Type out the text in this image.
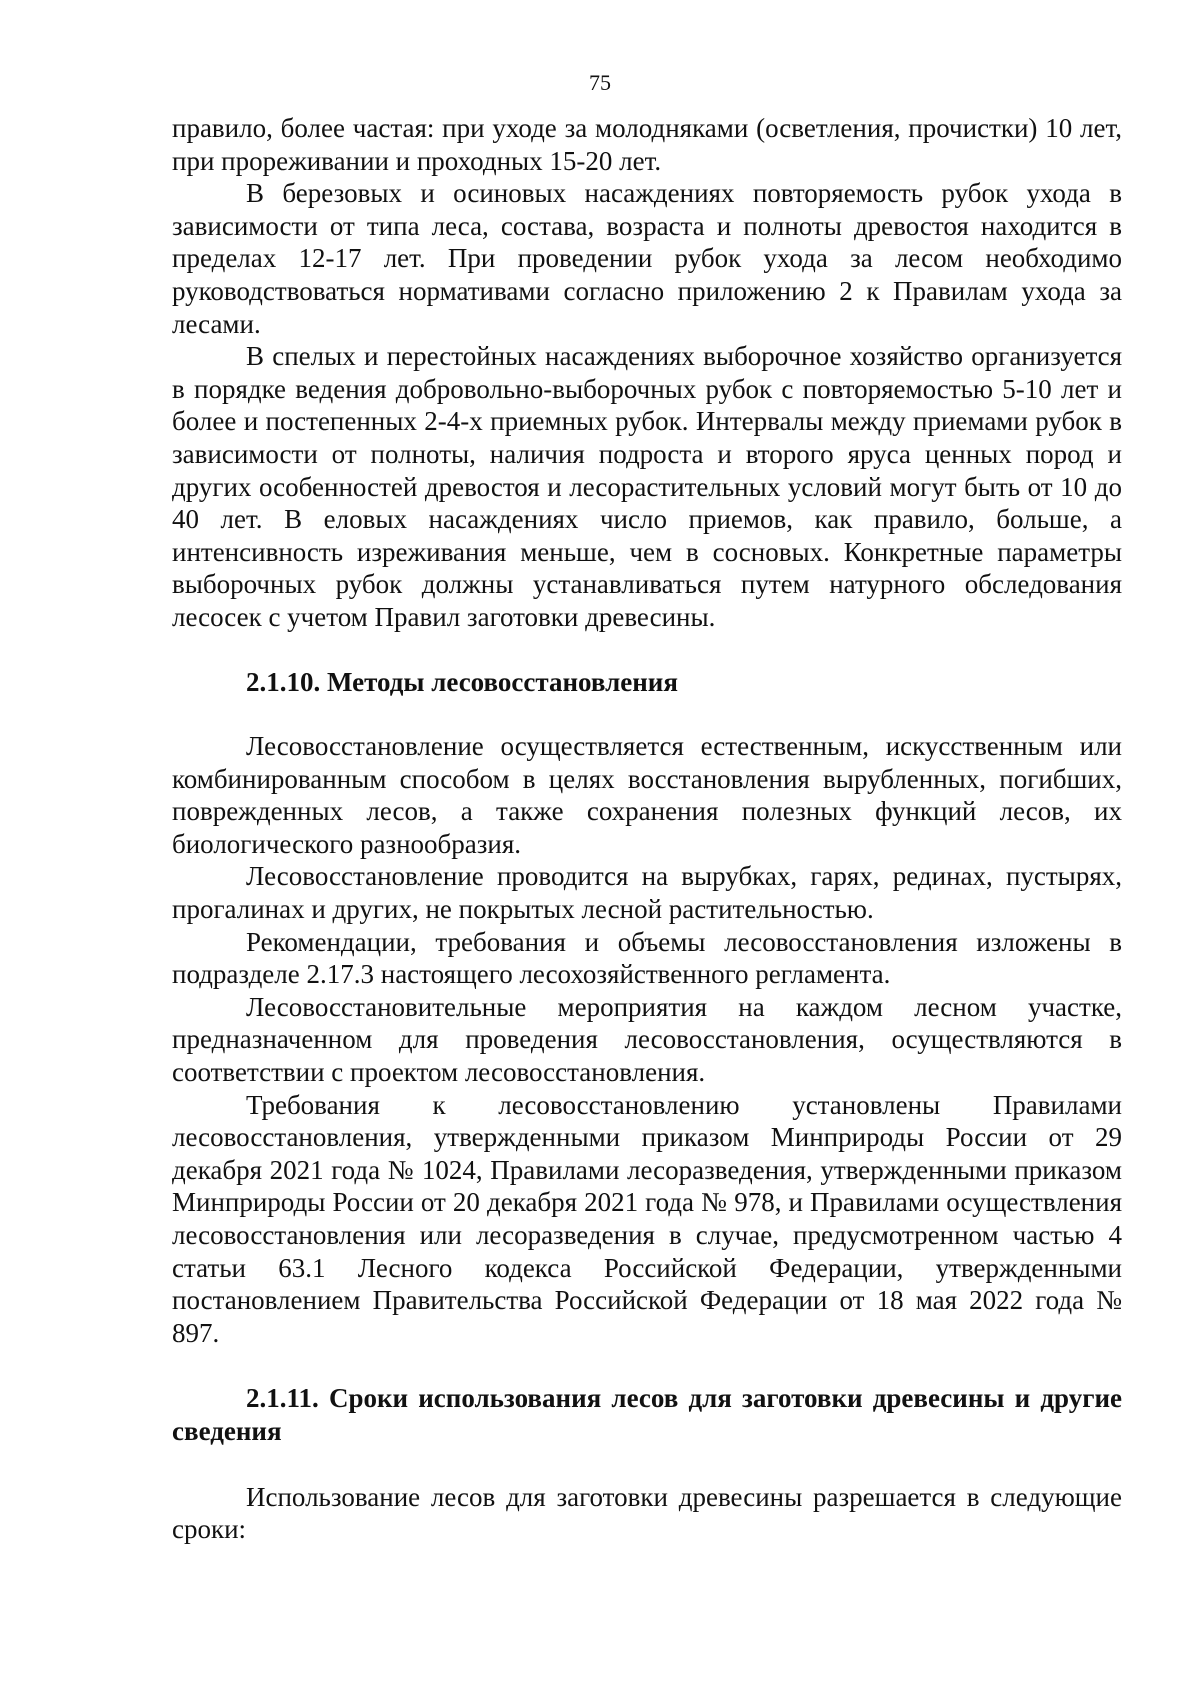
75

правило, более частая: при уходе за молодняками (осветления, прочистки) 10 лет, при прореживании и проходных 15-20 лет.

В березовых и осиновых насаждениях повторяемость рубок ухода в зависимости от типа леса, состава, возраста и полноты древостоя находится в пределах 12-17 лет. При проведении рубок ухода за лесом необходимо руководствоваться нормативами согласно приложению 2 к Правилам ухода за лесами.

В спелых и перестойных насаждениях выборочное хозяйство организуется в порядке ведения добровольно-выборочных рубок с повторяемостью 5-10 лет и более и постепенных 2-4-х приемных рубок. Интервалы между приемами рубок в зависимости от полноты, наличия подроста и второго яруса ценных пород и других особенностей древостоя и лесорастительных условий могут быть от 10 до 40 лет. В еловых насаждениях число приемов, как правило, больше, а интенсивность изреживания меньше, чем в сосновых. Конкретные параметры выборочных рубок должны устанавливаться путем натурного обследования лесосек с учетом Правил заготовки древесины.

2.1.10. Методы лесовосстановления

Лесовосстановление осуществляется естественным, искусственным или комбинированным способом в целях восстановления вырубленных, погибших, поврежденных лесов, а также сохранения полезных функций лесов, их биологического разнообразия.

Лесовосстановление проводится на вырубках, гарях, рединах, пустырях, прогалинах и других, не покрытых лесной растительностью.

Рекомендации, требования и объемы лесовосстановления изложены в подразделе 2.17.3 настоящего лесохозяйственного регламента.

Лесовосстановительные мероприятия на каждом лесном участке, предназначенном для проведения лесовосстановления, осуществляются в соответствии с проектом лесовосстановления.

Требования к лесовосстановлению установлены Правилами лесовосстановления, утвержденными приказом Минприроды России от 29 декабря 2021 года № 1024, Правилами лесоразведения, утвержденными приказом Минприроды России от 20 декабря 2021 года № 978, и Правилами осуществления лесовосстановления или лесоразведения в случае, предусмотренном частью 4 статьи 63.1 Лесного кодекса Российской Федерации, утвержденными постановлением Правительства Российской Федерации от 18 мая 2022 года № 897.

2.1.11. Сроки использования лесов для заготовки древесины и другие сведения

Использование лесов для заготовки древесины разрешается в следующие сроки:
